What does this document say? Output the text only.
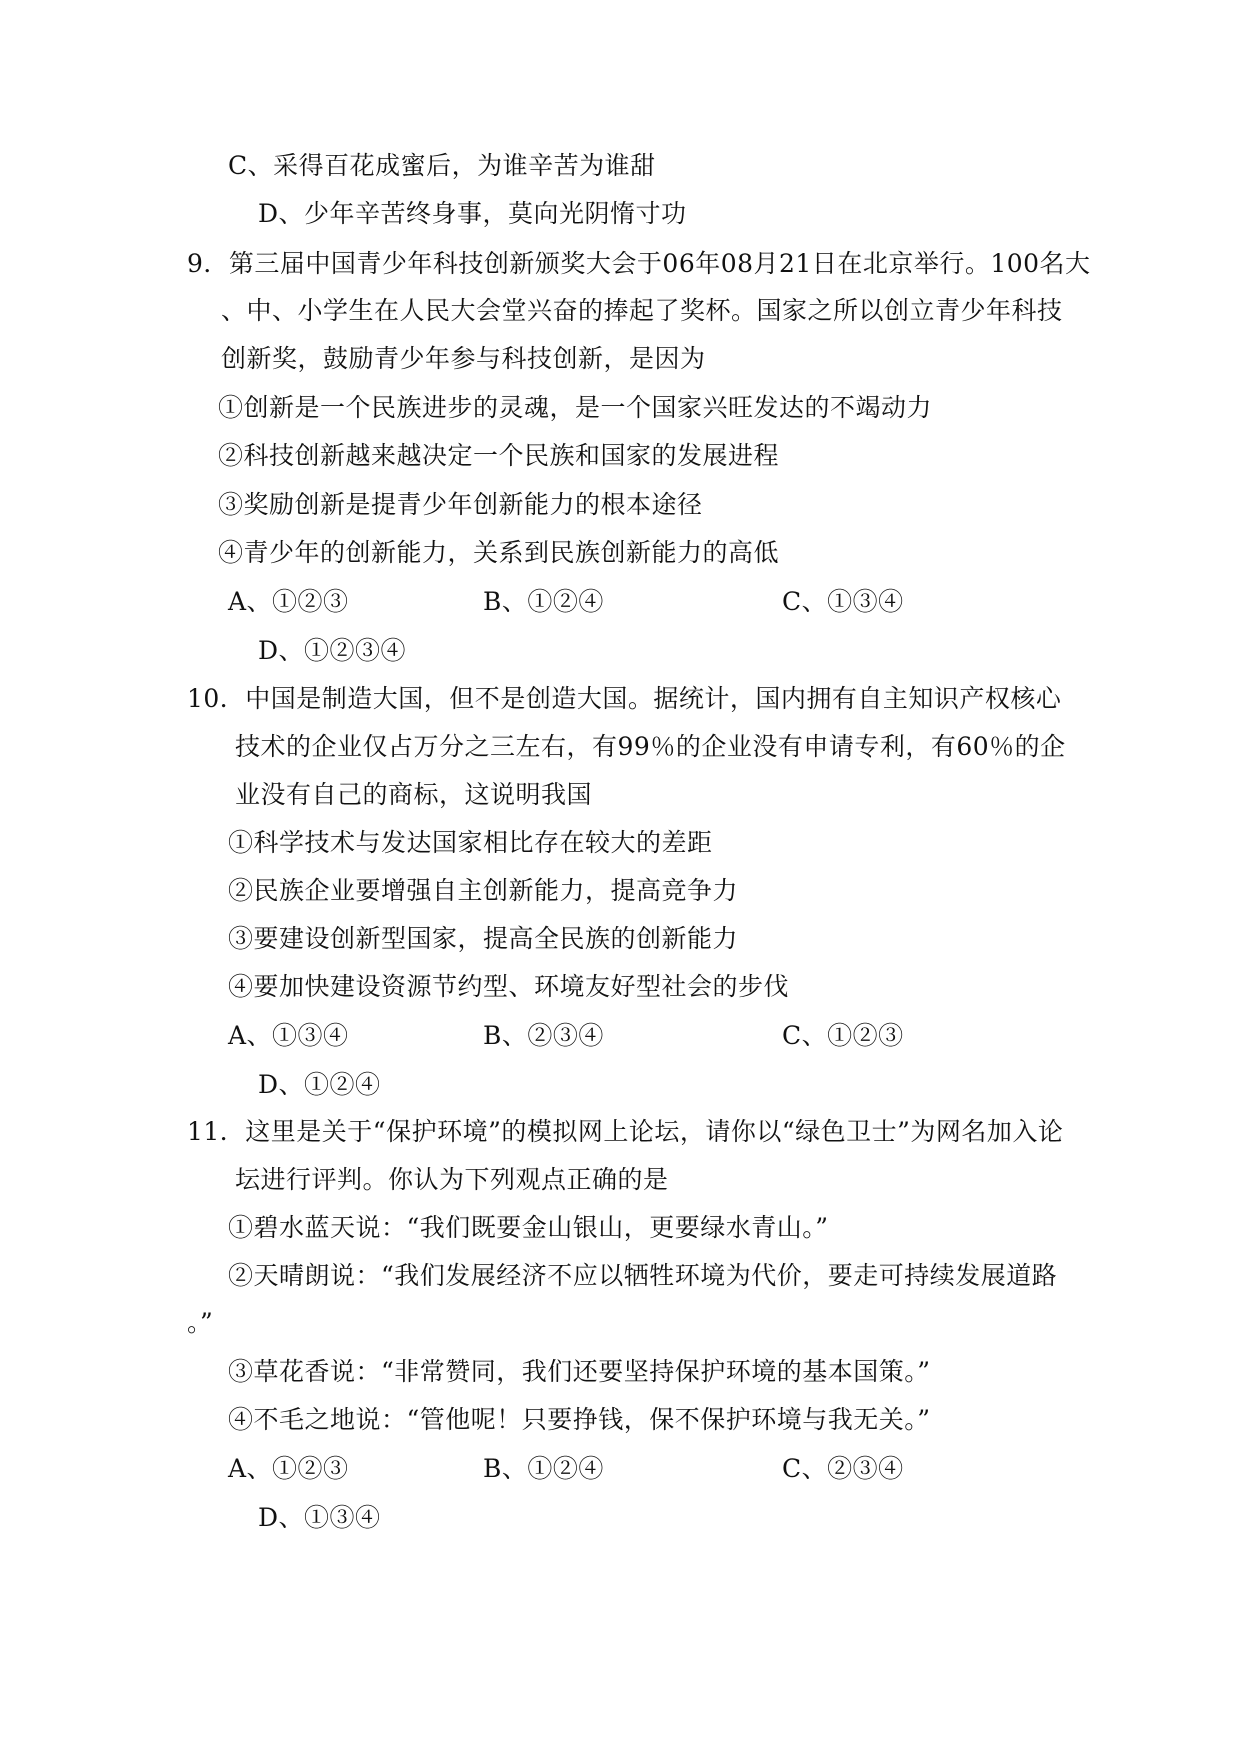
C、采得百花成蜜后，为谁辛苦为谁甜
D、少年辛苦终身事，莫向光阴惰寸功
9．第三届中国青少年科技创新颁奖大会于06年08月21日在北京举行。100名大
、中、小学生在人民大会堂兴奋的捧起了奖杯。国家之所以创立青少年科技
创新奖，鼓励青少年参与科技创新，是因为
①创新是一个民族进步的灵魂，是一个国家兴旺发达的不竭动力
②科技创新越来越决定一个民族和国家的发展进程
③奖励创新是提青少年创新能力的根本途径
④青少年的创新能力，关系到民族创新能力的高低
A、①②③	B、①②④	C、①③④
D、①②③④
10．中国是制造大国，但不是创造大国。据统计，国内拥有自主知识产权核心
技术的企业仅占万分之三左右，有99％的企业没有申请专利，有60％的企
业没有自己的商标，这说明我国
①科学技术与发达国家相比存在较大的差距
②民族企业要增强自主创新能力，提高竞争力
③要建设创新型国家，提高全民族的创新能力
④要加快建设资源节约型、环境友好型社会的步伐
A、①③④	B、②③④	C、①②③
D、①②④
11．这里是关于“保护环境”的模拟网上论坛，请你以“绿色卫士”为网名加入论
坛进行评判。你认为下列观点正确的是
①碧水蓝天说：“我们既要金山银山，更要绿水青山。”
②天晴朗说：“我们发展经济不应以牺牲环境为代价，要走可持续发展道路
。”
③草花香说：“非常赞同，我们还要坚持保护环境的基本国策。”
④不毛之地说：“管他呢！只要挣钱，保不保护环境与我无关。”
A、①②③	B、①②④	C、②③④
D、①③④
